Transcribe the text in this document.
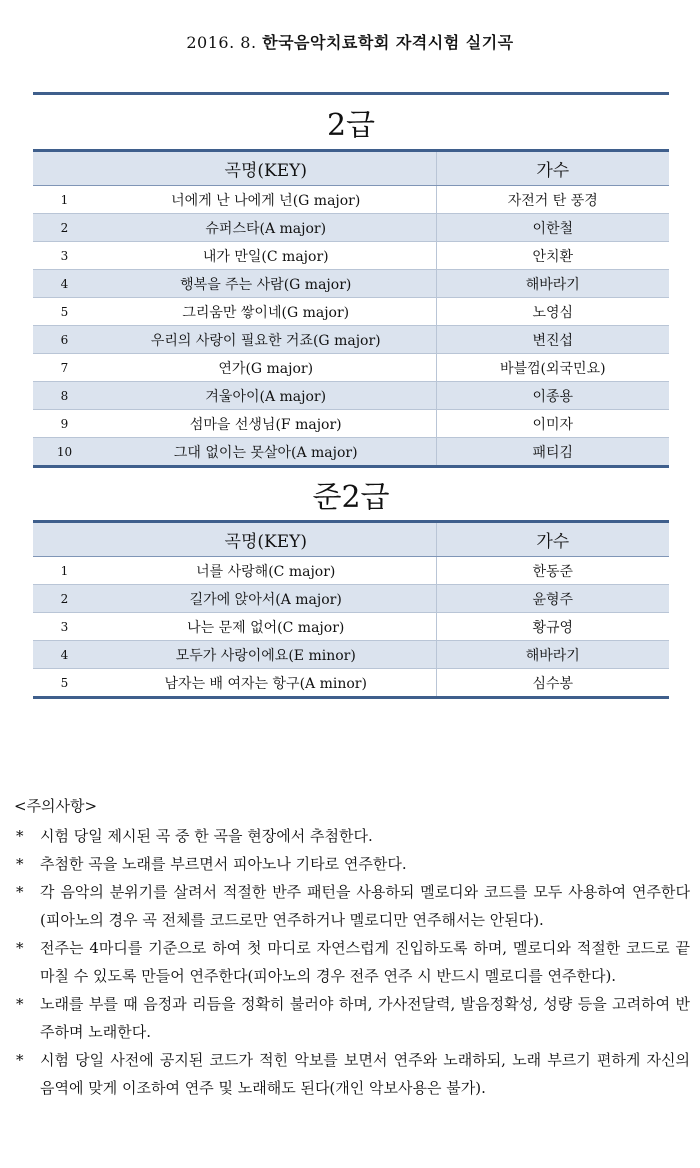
2016. 8. 한국음악치료학회 자격시험 실기곡
2급		
	곡명(KEY)	가수
1	너에게 난 나에게 넌(G major)	자전거 탄 풍경
2	슈퍼스타(A major)	이한철
3	내가 만일(C major)	안치환
4	행복을 주는 사람(G major)	해바라기
5	그리움만 쌓이네(G major)	노영심
6	우리의 사랑이 필요한 거죠(G major)	변진섭
7	연가(G major)	바블껌(외국민요)
8	겨울아이(A major)	이종용
9	섬마을 선생님(F major)	이미자
10	그대 없이는 못살아(A major)	패티김
준2급		
	곡명(KEY)	가수
1	너를 사랑해(C major)	한동준
2	길가에 앉아서(A major)	윤형주
3	나는 문제 없어(C major)	황규영
4	모두가 사랑이에요(E minor)	해바라기
5	남자는 배 여자는 항구(A minor)	심수봉
<주의사항>
*	시험 당일 제시된 곡 중 한 곡을 현장에서 추첨한다.
*	추첨한 곡을 노래를 부르면서 피아노나 기타로 연주한다.
*	각 음악의 분위기를 살려서 적절한 반주 패턴을 사용하되 멜로디와 코드를 모두 사용하여 연주한다(피아노의 경우 곡 전체를 코드로만 연주하거나 멜로디만 연주해서는 안된다).
*	전주는 4마디를 기준으로 하여 첫 마디로 자연스럽게 진입하도록 하며, 멜로디와 적절한 코드로 끝마칠 수 있도록 만들어 연주한다(피아노의 경우 전주 연주 시 반드시 멜로디를 연주한다).
*	노래를 부를 때 음정과 리듬을 정확히 불러야 하며, 가사전달력, 발음정확성, 성량 등을 고려하여 반주하며 노래한다.
*	시험 당일 사전에 공지된 코드가 적힌 악보를 보면서 연주와 노래하되, 노래 부르기 편하게 자신의 음역에 맞게 이조하여 연주 및 노래해도 된다(개인 악보사용은 불가).
